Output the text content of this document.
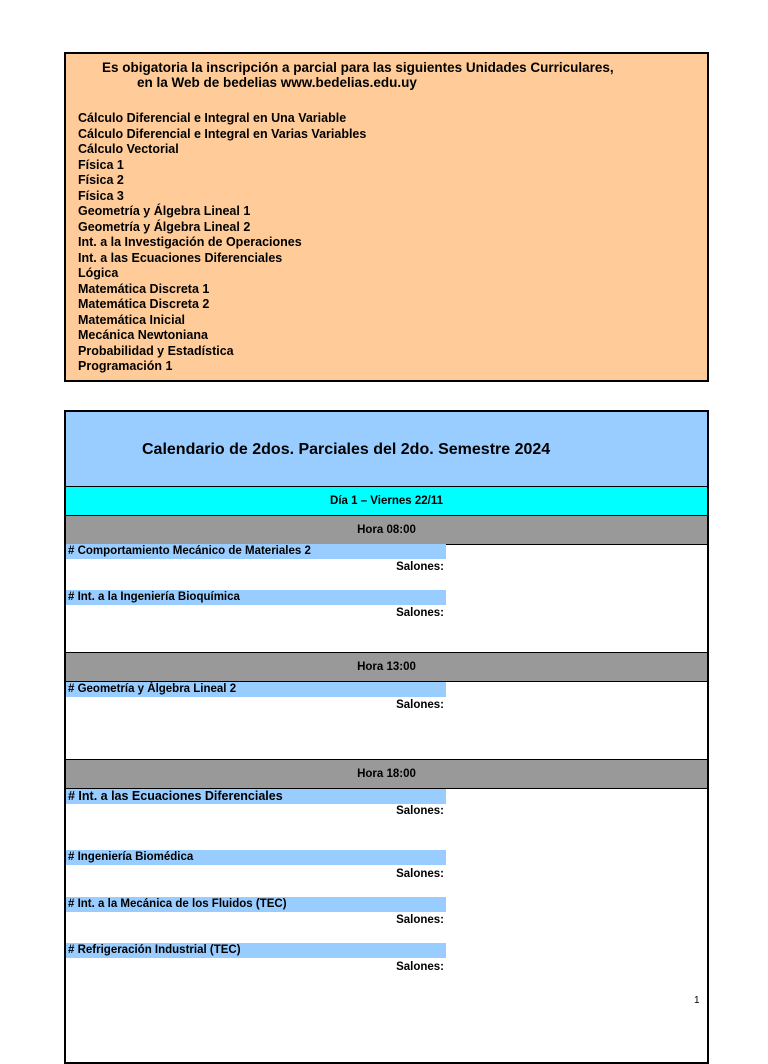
Es obigatoria la inscripción a parcial para las siguientes Unidades Curriculares,
en la Web de bedelias www.bedelias.edu.uy
Cálculo Diferencial e Integral en Una Variable
Cálculo Diferencial e Integral en Varias Variables
Cálculo Vectorial
Física 1
Física 2
Física 3
Geometría y Álgebra Lineal 1
Geometría y Álgebra Lineal 2
Int. a la Investigación de Operaciones
Int. a las Ecuaciones Diferenciales
Lógica
Matemática Discreta 1
Matemática Discreta 2
Matemática Inicial
Mecánica Newtoniana
Probabilidad y Estadística
Programación 1
Calendario de 2dos. Parciales del 2do. Semestre 2024
Día 1 – Viernes 22/11
Hora 08:00
# Comportamiento Mecánico de Materiales 2
Salones:
# Int. a la Ingeniería Bioquímica
Salones:
Hora 13:00
# Geometría y Álgebra Lineal 2
Salones:
Hora 18:00
# Int. a las Ecuaciones Diferenciales
Salones:
# Ingeniería Biomédica
Salones:
# Int. a la Mecánica de los Fluidos (TEC)
Salones:
# Refrigeración Industrial (TEC)
Salones:
1
